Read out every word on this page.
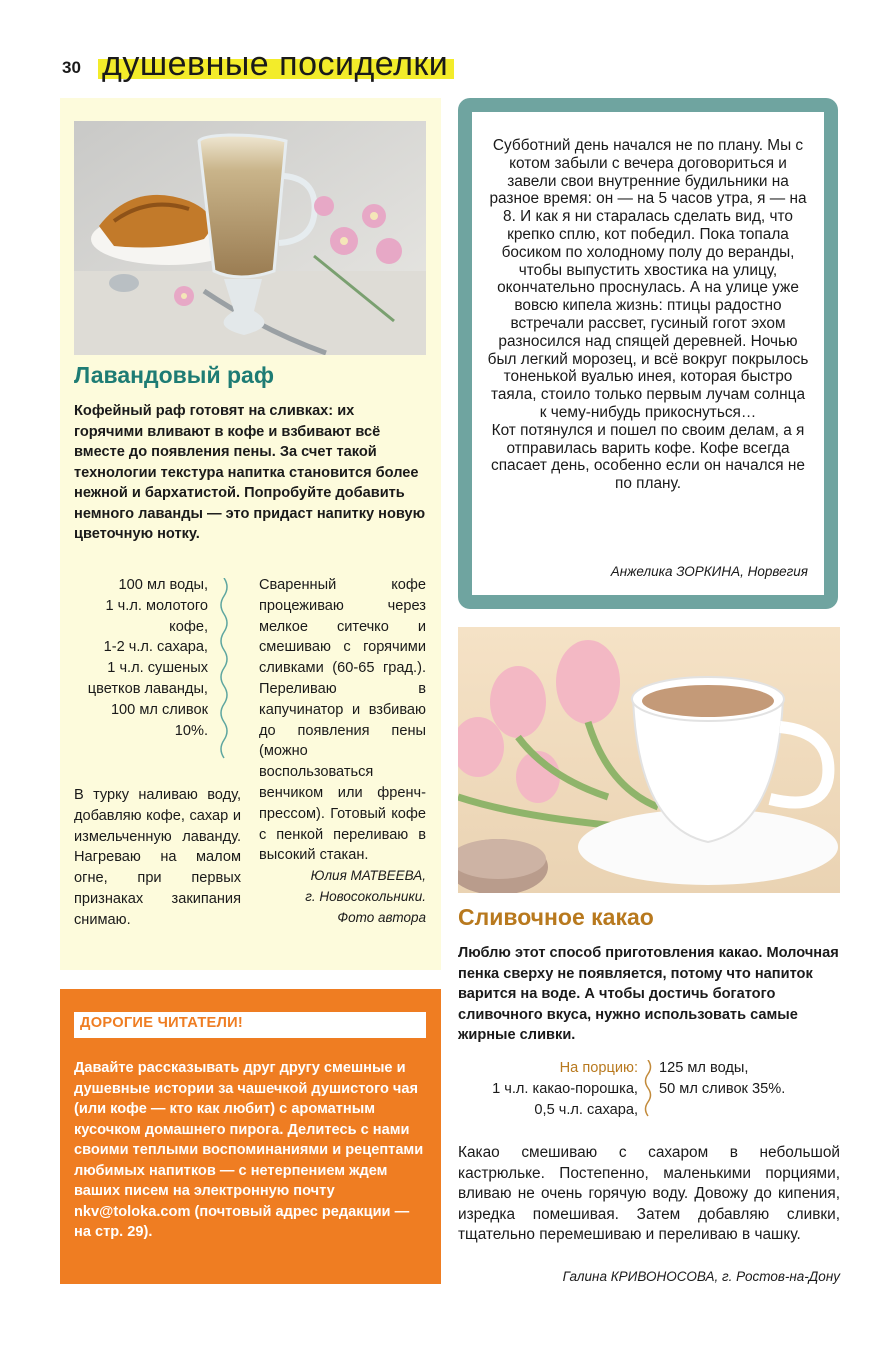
30 душевные посиделки
Лавандовый раф
Кофейный раф готовят на сливках: их горячими вливают в кофе и взбивают всё вместе до появления пены. За счет такой технологии текстура напитка становится более нежной и бархатистой. Попробуйте добавить немного лаванды — это придаст напитку новую цветочную нотку.
100 мл воды,
1 ч.л. молотого кофе,
1-2 ч.л. сахара,
1 ч.л. сушеных цветков лаванды,
100 мл сливок 10%.
Сваренный кофе процеживаю через мелкое ситечко и смешиваю с горячими сливками (60-65 град.). Переливаю в капучинатор и взбиваю до появления пены (можно воспользоваться венчиком или френч-прессом). Готовый кофе с пенкой переливаю в высокий стакан.
Юлия МАТВЕЕВА,
г. Новосокольники.
Фото автора
В турку наливаю воду, добавляю кофе, сахар и измельченную лаванду. Нагреваю на малом огне, при первых признаках закипания снимаю.
ДОРОГИЕ ЧИТАТЕЛИ!
Давайте рассказывать друг другу смешные и душевные истории за чашечкой душистого чая (или кофе — кто как любит) с ароматным кусочком домашнего пирога. Делитесь с нами своими теплыми воспоминаниями и рецептами любимых напитков — с нетерпением ждем ваших писем на электронную почту nkv@toloka.com (почтовый адрес редакции — на стр. 29).
Субботний день начался не по плану. Мы с котом забыли с вечера договориться и завели свои внутренние будильники на разное время: он — на 5 часов утра, я — на 8. И как я ни старалась сделать вид, что крепко сплю, кот победил. Пока топала босиком по холодному полу до веранды, чтобы выпустить хвостика на улицу, окончательно проснулась. А на улице уже вовсю кипела жизнь: птицы радостно встречали рассвет, гусиный гогот эхом разносился над спящей деревней. Ночью был легкий морозец, и всё вокруг покрылось тоненькой вуалью инея, которая быстро таяла, стоило только первым лучам солнца к чему-нибудь прикоснуться…
Кот потянулся и пошел по своим делам, а я отправилась варить кофе. Кофе всегда спасает день, особенно если он начался не по плану.
Анжелика ЗОРКИНА, Норвегия
Сливочное какао
Люблю этот способ приготовления какао. Молочная пенка сверху не появляется, потому что напиток варится на воде. А чтобы достичь богатого сливочного вкуса, нужно использовать самые жирные сливки.
На порцию:
1 ч.л. какао-порошка,
0,5 ч.л. сахара,
125 мл воды,
50 мл сливок 35%.
Какао смешиваю с сахаром в небольшой кастрюльке. Постепенно, маленькими порциями, вливаю не очень горячую воду. Довожу до кипения, изредка помешивая. Затем добавляю сливки, тщательно перемешиваю и переливаю в чашку.
Галина КРИВОНОСОВА, г. Ростов-на-Дону
